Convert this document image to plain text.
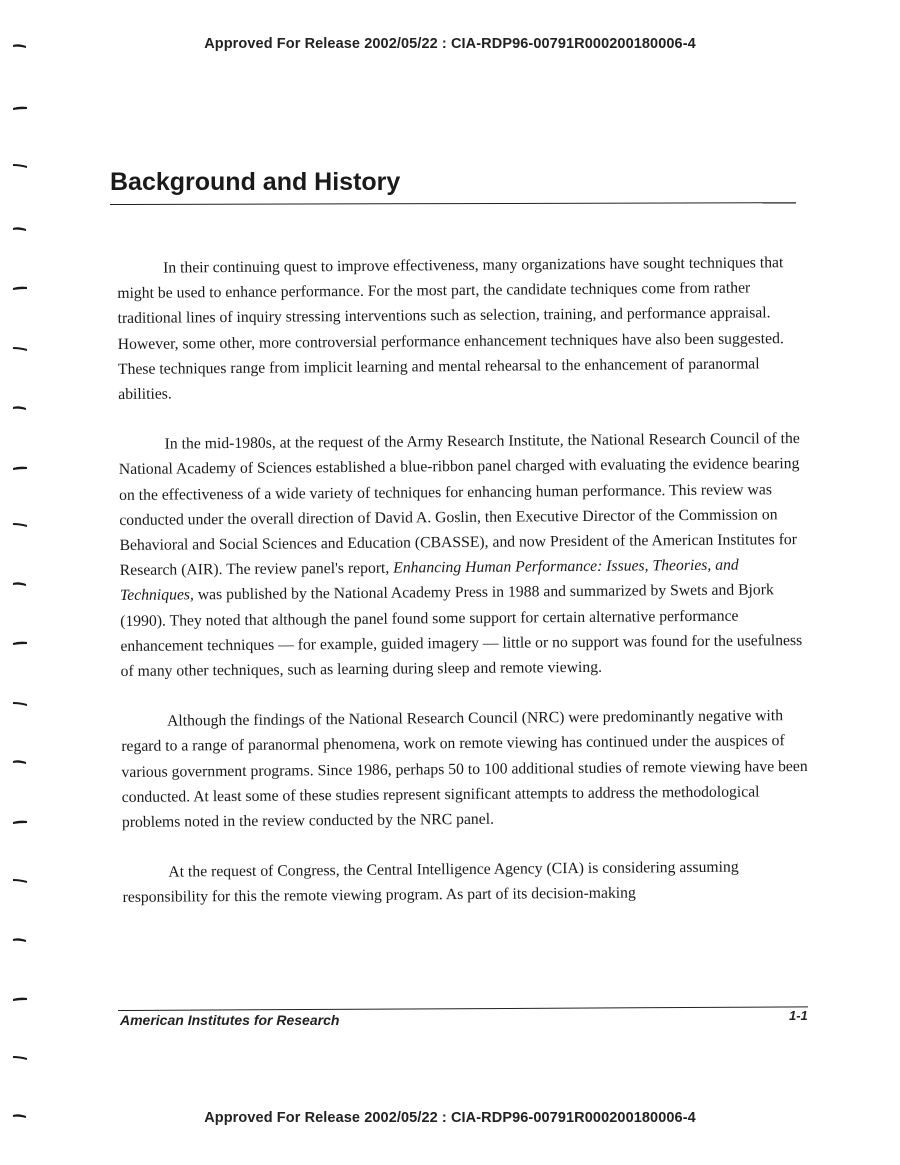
Approved For Release 2002/05/22 : CIA-RDP96-00791R000200180006-4
Background and History

In their continuing quest to improve effectiveness, many organizations have sought techniques that might be used to enhance performance. For the most part, the candidate techniques come from rather traditional lines of inquiry stressing interventions such as selection, training, and performance appraisal. However, some other, more controversial performance enhancement techniques have also been suggested. These techniques range from implicit learning and mental rehearsal to the enhancement of paranormal abilities.

In the mid-1980s, at the request of the Army Research Institute, the National Research Council of the National Academy of Sciences established a blue-ribbon panel charged with evaluating the evidence bearing on the effectiveness of a wide variety of techniques for enhancing human performance. This review was conducted under the overall direction of David A. Goslin, then Executive Director of the Commission on Behavioral and Social Sciences and Education (CBASSE), and now President of the American Institutes for Research (AIR). The review panel's report, Enhancing Human Performance: Issues, Theories, and Techniques, was published by the National Academy Press in 1988 and summarized by Swets and Bjork (1990). They noted that although the panel found some support for certain alternative performance enhancement techniques — for example, guided imagery — little or no support was found for the usefulness of many other techniques, such as learning during sleep and remote viewing.

Although the findings of the National Research Council (NRC) were predominantly negative with regard to a range of paranormal phenomena, work on remote viewing has continued under the auspices of various government programs. Since 1986, perhaps 50 to 100 additional studies of remote viewing have been conducted. At least some of these studies represent significant attempts to address the methodological problems noted in the review conducted by the NRC panel.

At the request of Congress, the Central Intelligence Agency (CIA) is considering assuming responsibility for this the remote viewing program. As part of its decision-making

American Institutes for Research	1-1
Approved For Release 2002/05/22 : CIA-RDP96-00791R000200180006-4
